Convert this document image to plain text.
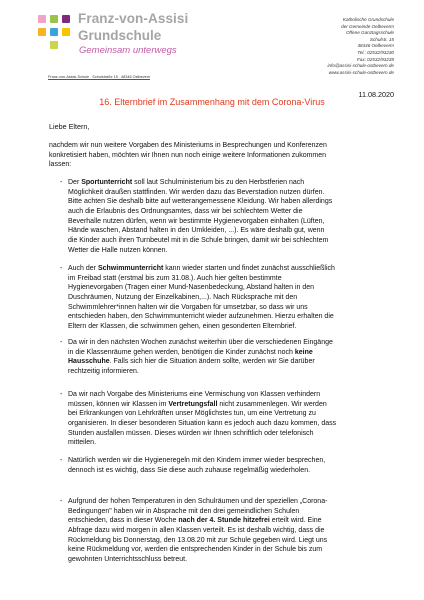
Franz-von-Assisi
Grundschule
Gemeinsam unterwegs
Katholische Grundschule
der Gemeinde Oelbeverm
Offene Ganztagsschule
Schulstr. 15
48346 Oelbeverm
Tel.: 02532/93230
Fax: 02532/93239
info@assisi-schule-ostbevern.de
www.assisi-schule-ostbevern.de
Franz-von-Assisi-Schule . Schulstraße 15 . 48346 Ostbevern
11.08.2020
16. Elternbrief im Zusammenhang mit dem Corona-Virus
Liebe Eltern,
nachdem wir nun weitere Vorgaben des Ministeriums in Besprechungen und Konferenzen
konkretisiert haben, möchten wir Ihnen nun noch einige weitere Informationen zukommen
lassen:
- Der Sportunterricht soll laut Schulministerium bis zu den Herbstferien nach
Möglichkeit draußen stattfinden. Wir werden dazu das Beverstadion nutzen dürfen.
Bitte achten Sie deshalb bitte auf wetterangemessene Kleidung. Wir haben allerdings
auch die Erlaubnis des Ordnungsamtes, dass wir bei schlechtem Wetter die
Beverhalle nutzen dürfen, wenn wir bestimmte Hygienevorgaben einhalten (Lüften,
Hände waschen, Abstand halten in den Umkleiden, ...). Es wäre deshalb gut, wenn
die Kinder auch ihren Turnbeutel mit in die Schule bringen, damit wir bei schlechtem
Wetter die Halle nutzen können.
- Auch der Schwimmunterricht kann wieder starten und findet zunächst ausschließlich
im Freibad statt (erstmal bis zum 31.08.). Auch hier gelten bestimmte
Hygienevorgaben (Tragen einer Mund-Nasenbedeckung, Abstand halten in den
Duschräumen, Nutzung der Einzelkabinen,...). Nach Rücksprache mit den
Schwimmlehrer*innen halten wir die Vorgaben für umsetzbar, so dass wir uns
entschieden haben, den Schwimmunterricht wieder aufzunehmen. Hierzu erhalten die
Eltern der Klassen, die schwimmen gehen, einen gesonderten Elternbrief.
- Da wir in den nächsten Wochen zunächst weiterhin über die verschiedenen Eingänge
in die Klassenräume gehen werden, benötigen die Kinder zunächst noch keine
Hausschuhe. Falls sich hier die Situation ändern sollte, werden wir Sie darüber
rechtzeitig informieren.
- Da wir nach Vorgabe des Ministeriums eine Vermischung von Klassen verhindern
müssen, können wir Klassen im Vertretungsfall nicht zusammenlegen. Wir werden
bei Erkrankungen von Lehrkräften unser Möglichstes tun, um eine Vertretung zu
organisieren. In dieser besonderen Situation kann es jedoch auch dazu kommen, dass
Stunden ausfallen müssen. Dieses würden wir Ihnen schriftlich oder telefonisch
mitteilen.
- Natürlich werden wir die Hygieneregeln mit den Kindern immer wieder besprechen,
dennoch ist es wichtig, dass Sie diese auch zuhause regelmäßig wiederholen.
- Aufgrund der hohen Temperaturen in den Schulräumen und der speziellen „Corona-
Bedingungen" haben wir in Absprache mit den drei gemeindlichen Schulen
entschieden, dass in dieser Woche nach der 4. Stunde hitzefrei erteilt wird. Eine
Abfrage dazu wird morgen in allen Klassen verteilt. Es ist deshalb wichtig, dass die
Rückmeldung bis Donnerstag, den 13.08.20 mit zur Schule gegeben wird. Liegt uns
keine Rückmeldung vor, werden die entsprechenden Kinder in der Schule bis zum
gewohnten Unterrichtsschluss betreut.
